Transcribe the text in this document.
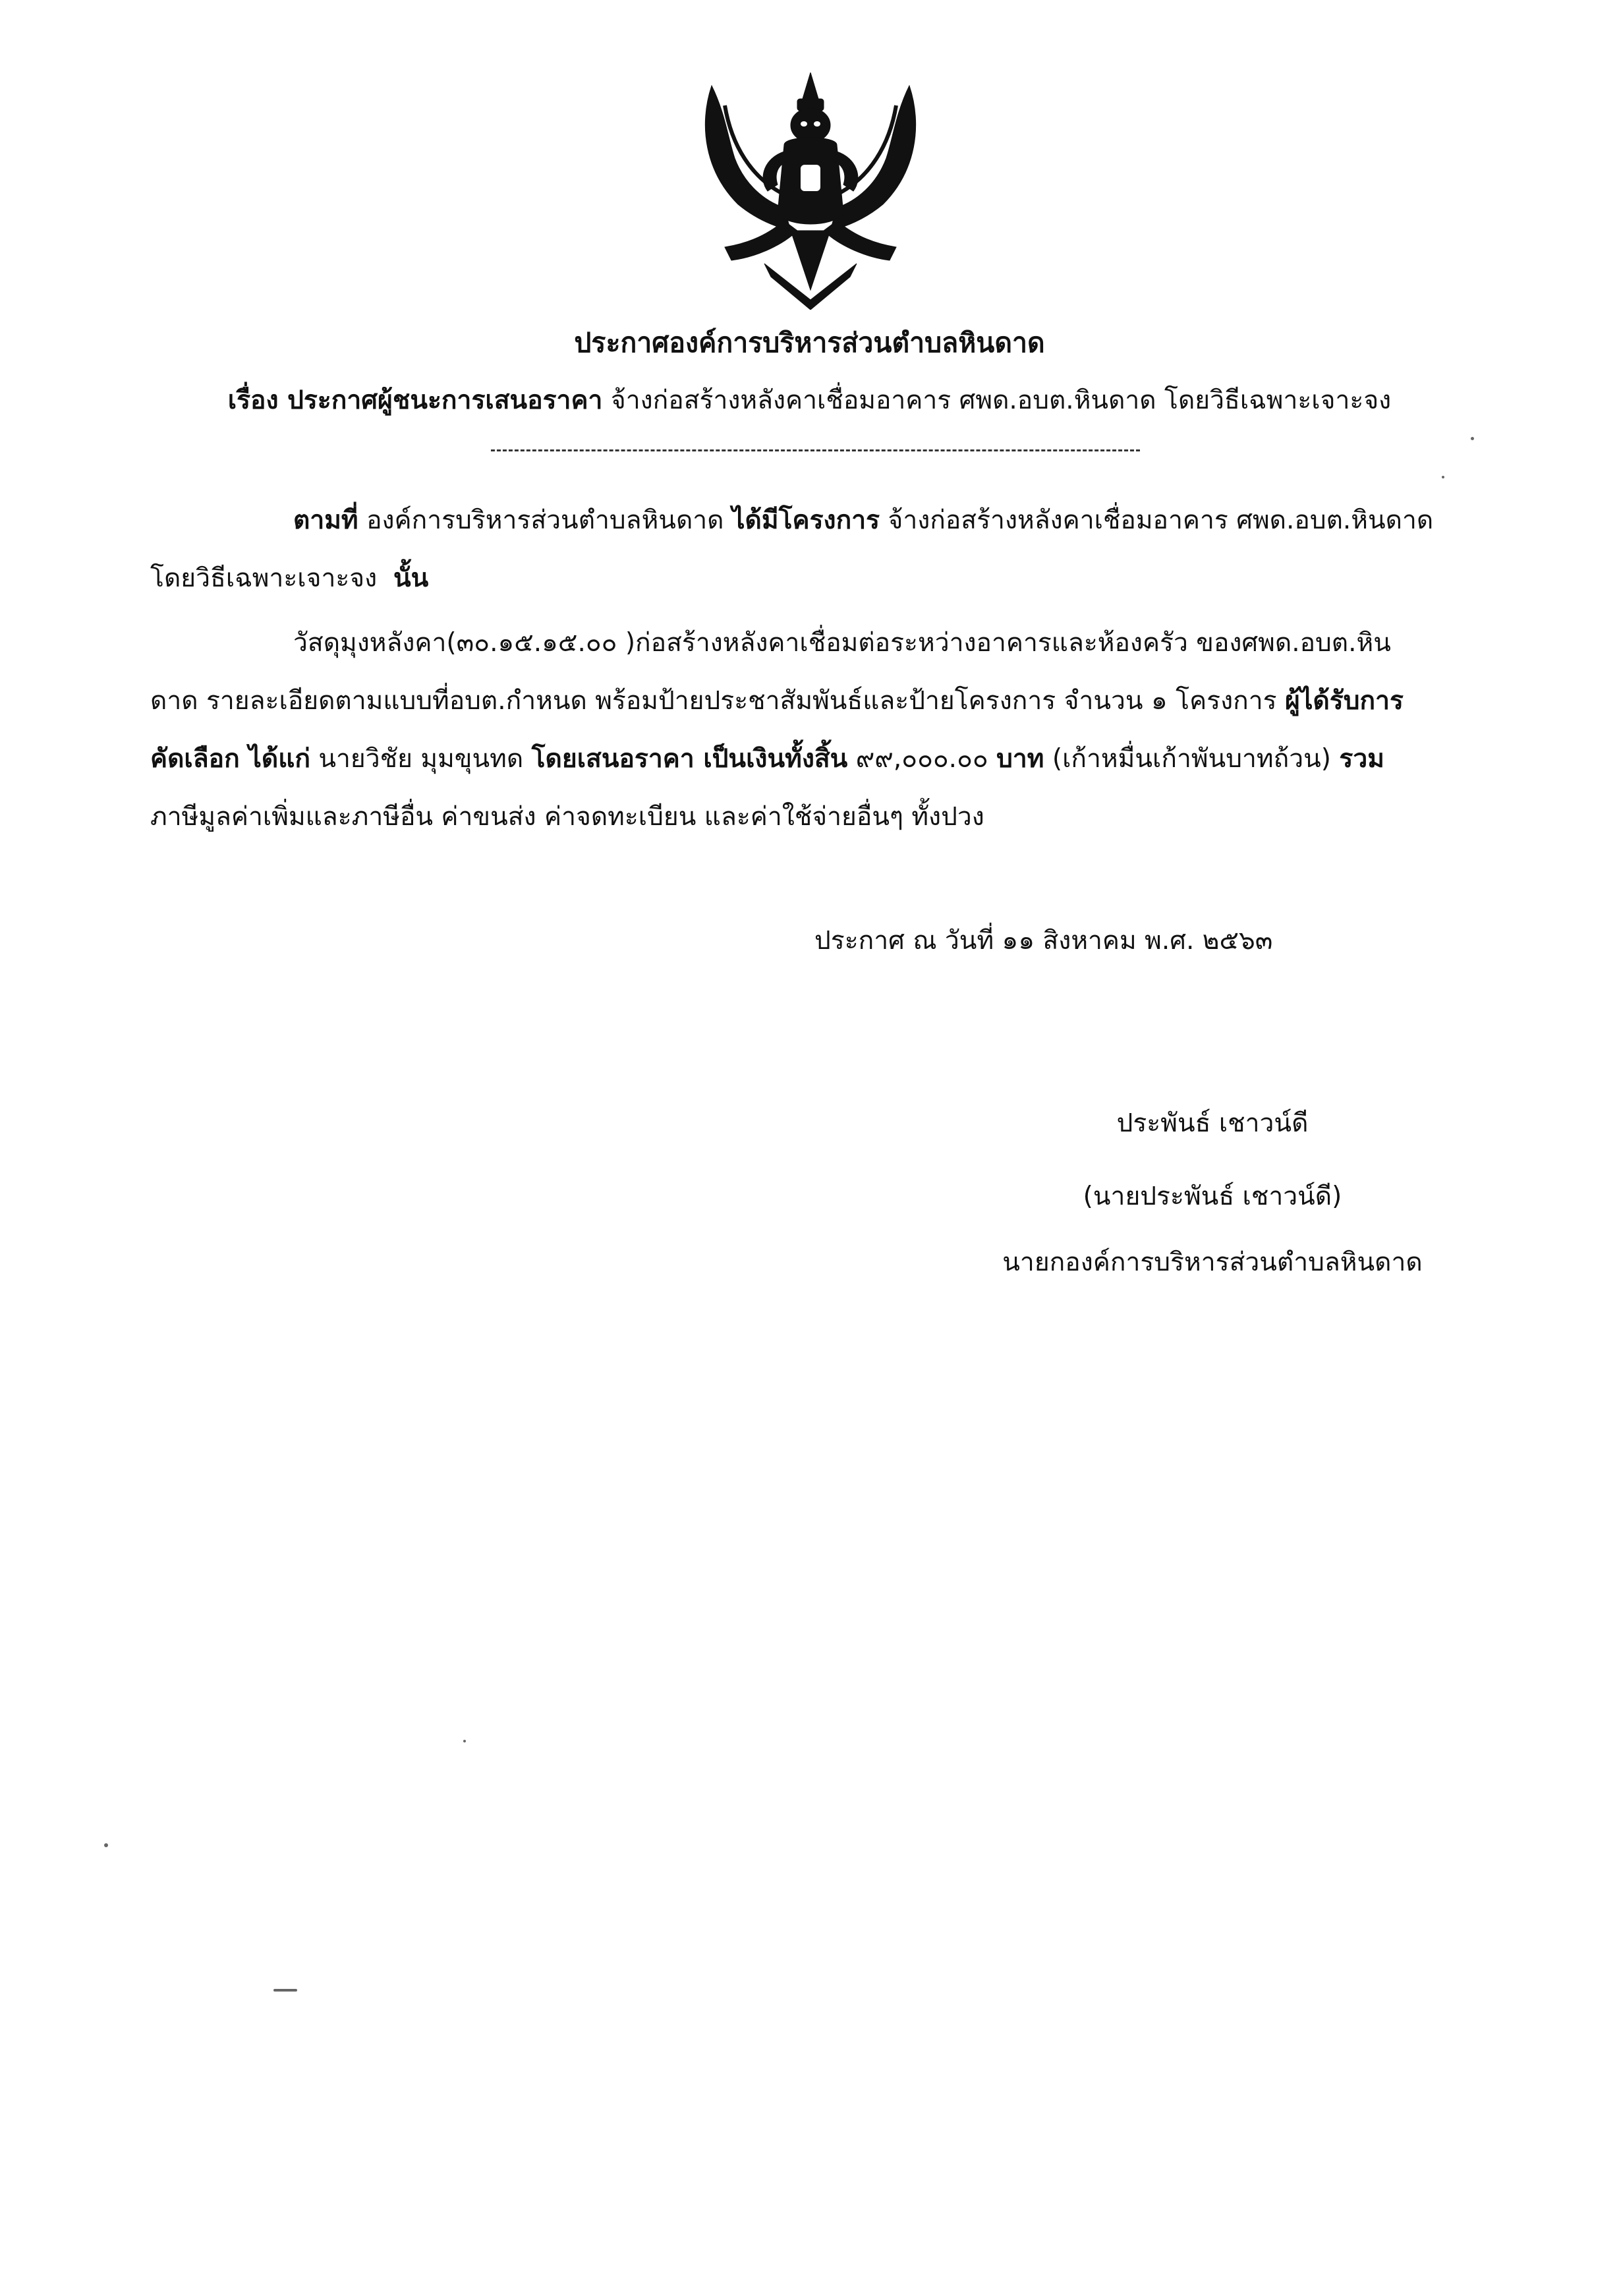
ประกาศองค์การบริหารส่วนตำบลหินดาด
เรื่อง ประกาศผู้ชนะการเสนอราคา จ้างก่อสร้างหลังคาเชื่อมอาคาร ศพด.อบต.หินดาด โดยวิธีเฉพาะเจาะจง
ตามที่ องค์การบริหารส่วนตำบลหินดาด ได้มีโครงการ จ้างก่อสร้างหลังคาเชื่อมอาคาร ศพด.อบต.หินดาด
โดยวิธีเฉพาะเจาะจง นั้น
วัสดุมุงหลังคา(๓๐.๑๕.๑๕.๐๐ )ก่อสร้างหลังคาเชื่อมต่อระหว่างอาคารและห้องครัว ของศพด.อบต.หิน
ดาด รายละเอียดตามแบบที่อบต.กำหนด พร้อมป้ายประชาสัมพันธ์และป้ายโครงการ จำนวน ๑ โครงการ ผู้ได้รับการ
คัดเลือก ได้แก่ นายวิชัย มุมขุนทด โดยเสนอราคา เป็นเงินทั้งสิ้น ๙๙,๐๐๐.๐๐ บาท (เก้าหมื่นเก้าพันบาทถ้วน) รวม
ภาษีมูลค่าเพิ่มและภาษีอื่น ค่าขนส่ง ค่าจดทะเบียน และค่าใช้จ่ายอื่นๆ ทั้งปวง
ประกาศ ณ วันที่ ๑๑ สิงหาคม พ.ศ. ๒๕๖๓
ประพันธ์ เชาวน์ดี
(นายประพันธ์ เชาวน์ดี)
นายกองค์การบริหารส่วนตำบลหินดาด
